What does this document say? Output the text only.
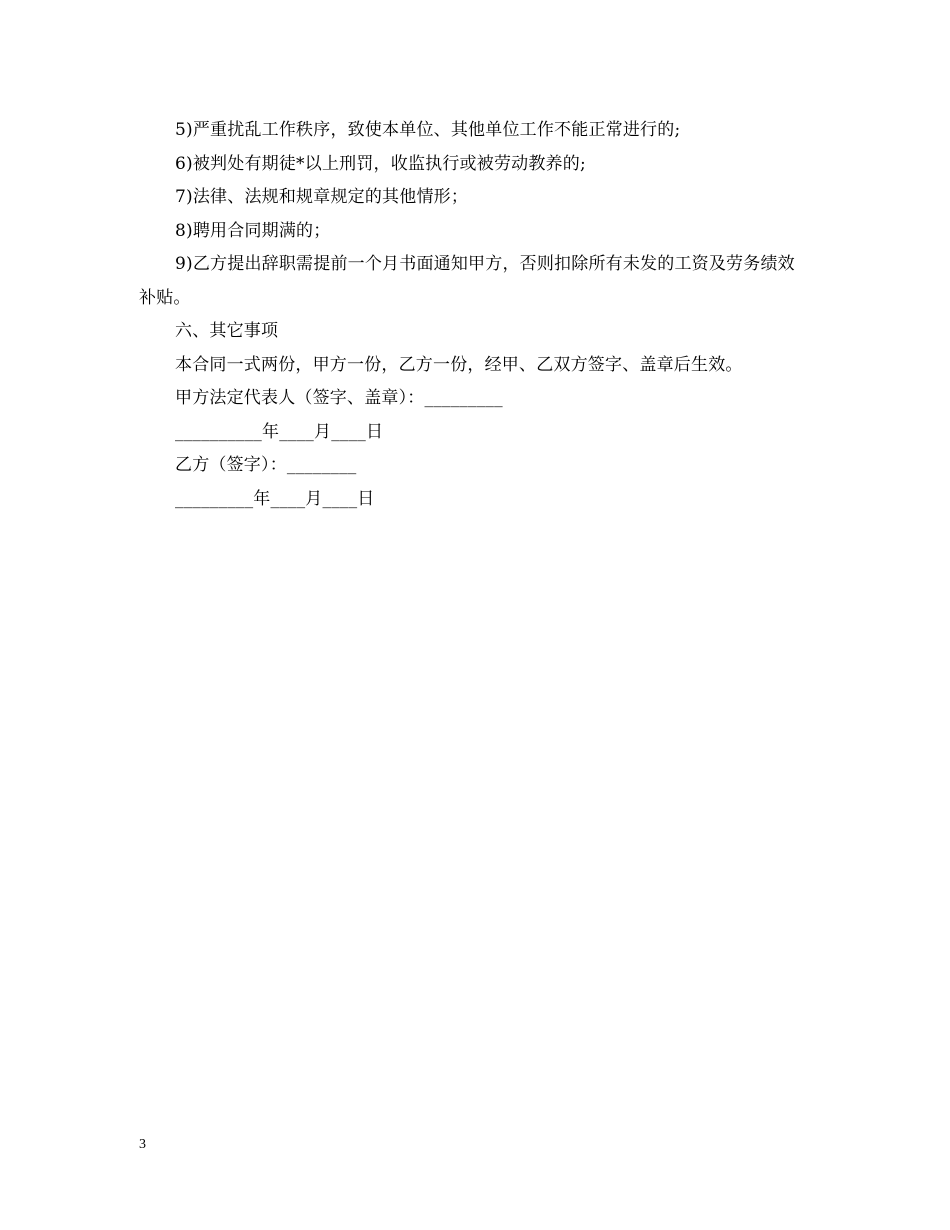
5)严重扰乱工作秩序，致使本单位、其他单位工作不能正常进行的;
6)被判处有期徒*以上刑罚，收监执行或被劳动教养的;
7)法律、法规和规章规定的其他情形；
8)聘用合同期满的；
9)乙方提出辞职需提前一个月书面通知甲方，否则扣除所有未发的工资及劳务绩效补贴。
六、其它事项
本合同一式两份，甲方一份，乙方一份，经甲、乙双方签字、盖章后生效。
甲方法定代表人（签字、盖章）：_________
__________年____月____日
乙方（签字）：________
_________年____月____日
3
